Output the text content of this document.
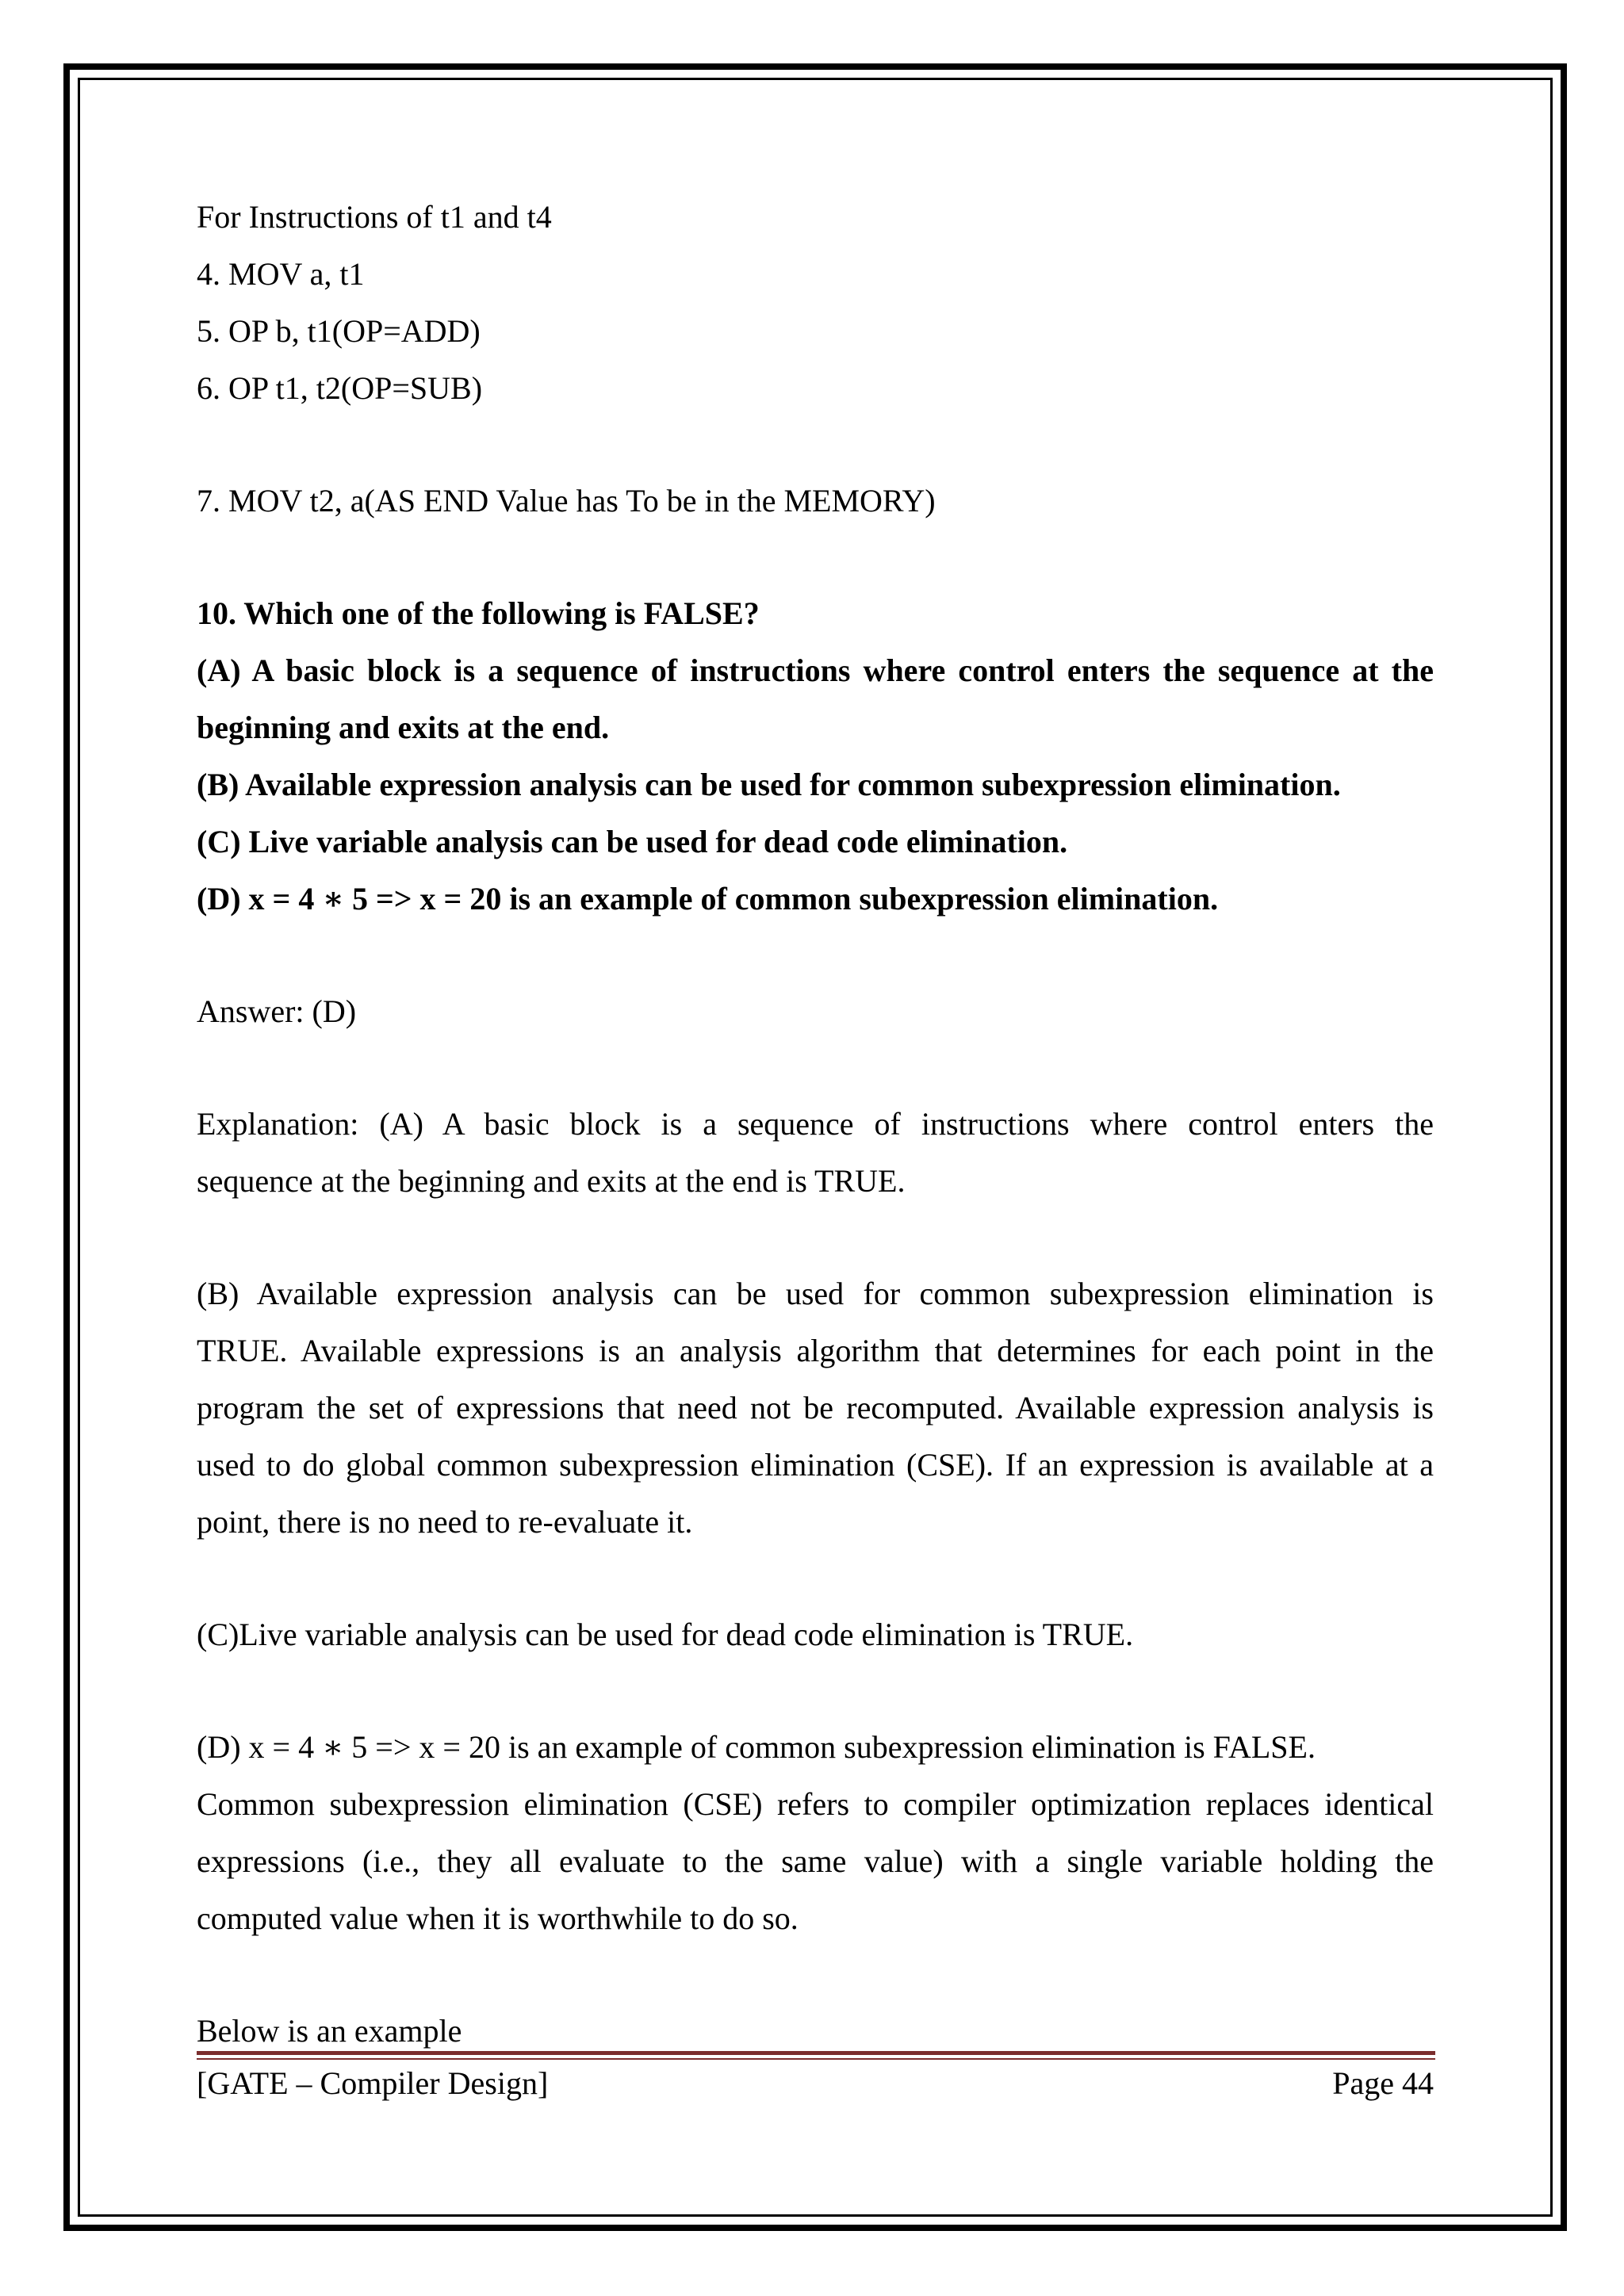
For Instructions of t1 and t4
4. MOV a, t1
5. OP b, t1(OP=ADD)
6. OP t1, t2(OP=SUB)
7. MOV t2, a(AS END Value has To be in the MEMORY)
10. Which one of the following is FALSE?
(A) A basic block is a sequence of instructions where control enters the sequence at the
beginning and exits at the end.
(B) Available expression analysis can be used for common subexpression elimination.
(C) Live variable analysis can be used for dead code elimination.
(D) x = 4 ∗ 5 => x = 20 is an example of common subexpression elimination.
Answer: (D)
Explanation: (A) A basic block is a sequence of instructions where control enters the
sequence at the beginning and exits at the end is TRUE.
(B) Available expression analysis can be used for common subexpression elimination is
TRUE. Available expressions is an analysis algorithm that determines for each point in the
program the set of expressions that need not be recomputed. Available expression analysis is
used to do global common subexpression elimination (CSE). If an expression is available at a
point, there is no need to re-evaluate it.
(C)Live variable analysis can be used for dead code elimination is TRUE.
(D) x = 4 ∗ 5 => x = 20 is an example of common subexpression elimination is FALSE.
Common subexpression elimination (CSE) refers to compiler optimization replaces identical
expressions (i.e., they all evaluate to the same value) with a single variable holding the
computed value when it is worthwhile to do so.
Below is an example
[GATE – Compiler Design]	Page 44
